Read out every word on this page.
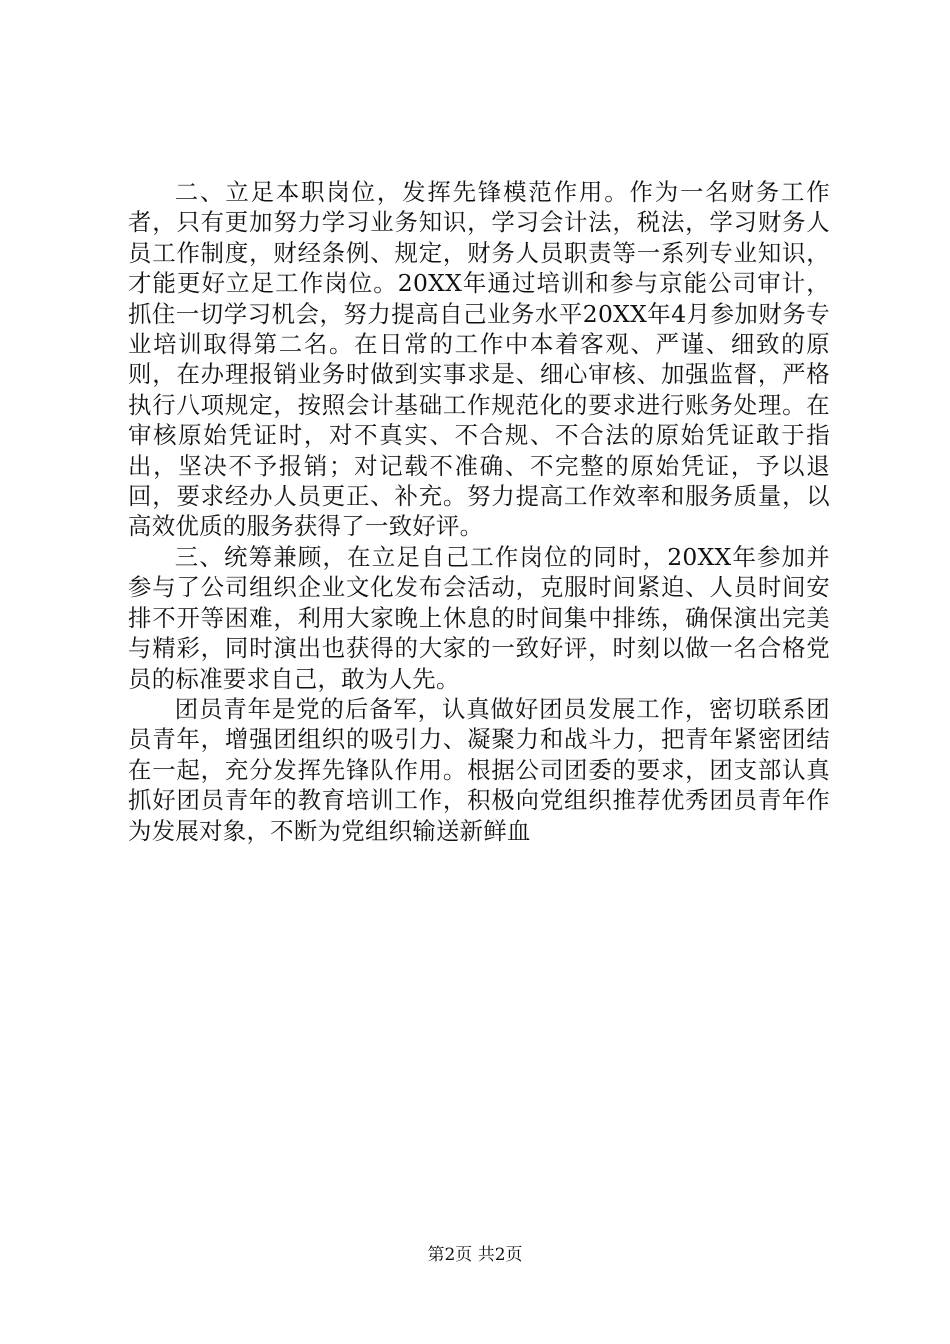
二、立足本职岗位，发挥先锋模范作用。作为一名财务工作者，只有更加努力学习业务知识，学习会计法，税法，学习财务人员工作制度，财经条例、规定，财务人员职责等一系列专业知识，才能更好立足工作岗位。20XX年通过培训和参与京能公司审计，抓住一切学习机会，努力提高自己业务水平20XX年4月参加财务专业培训取得第二名。在日常的工作中本着客观、严谨、细致的原则，在办理报销业务时做到实事求是、细心审核、加强监督，严格执行八项规定，按照会计基础工作规范化的要求进行账务处理。在审核原始凭证时，对不真实、不合规、不合法的原始凭证敢于指出，坚决不予报销；对记载不准确、不完整的原始凭证，予以退回，要求经办人员更正、补充。努力提高工作效率和服务质量，以高效优质的服务获得了一致好评。

三、统筹兼顾，在立足自己工作岗位的同时，20XX年参加并参与了公司组织企业文化发布会活动，克服时间紧迫、人员时间安排不开等困难，利用大家晚上休息的时间集中排练，确保演出完美与精彩，同时演出也获得的大家的一致好评，时刻以做一名合格党员的标准要求自己，敢为人先。

团员青年是党的后备军，认真做好团员发展工作，密切联系团员青年，增强团组织的吸引力、凝聚力和战斗力，把青年紧密团结在一起，充分发挥先锋队作用。根据公司团委的要求，团支部认真抓好团员青年的教育培训工作，积极向党组织推荐优秀团员青年作为发展对象，不断为党组织输送新鲜血

第2页 共2页
